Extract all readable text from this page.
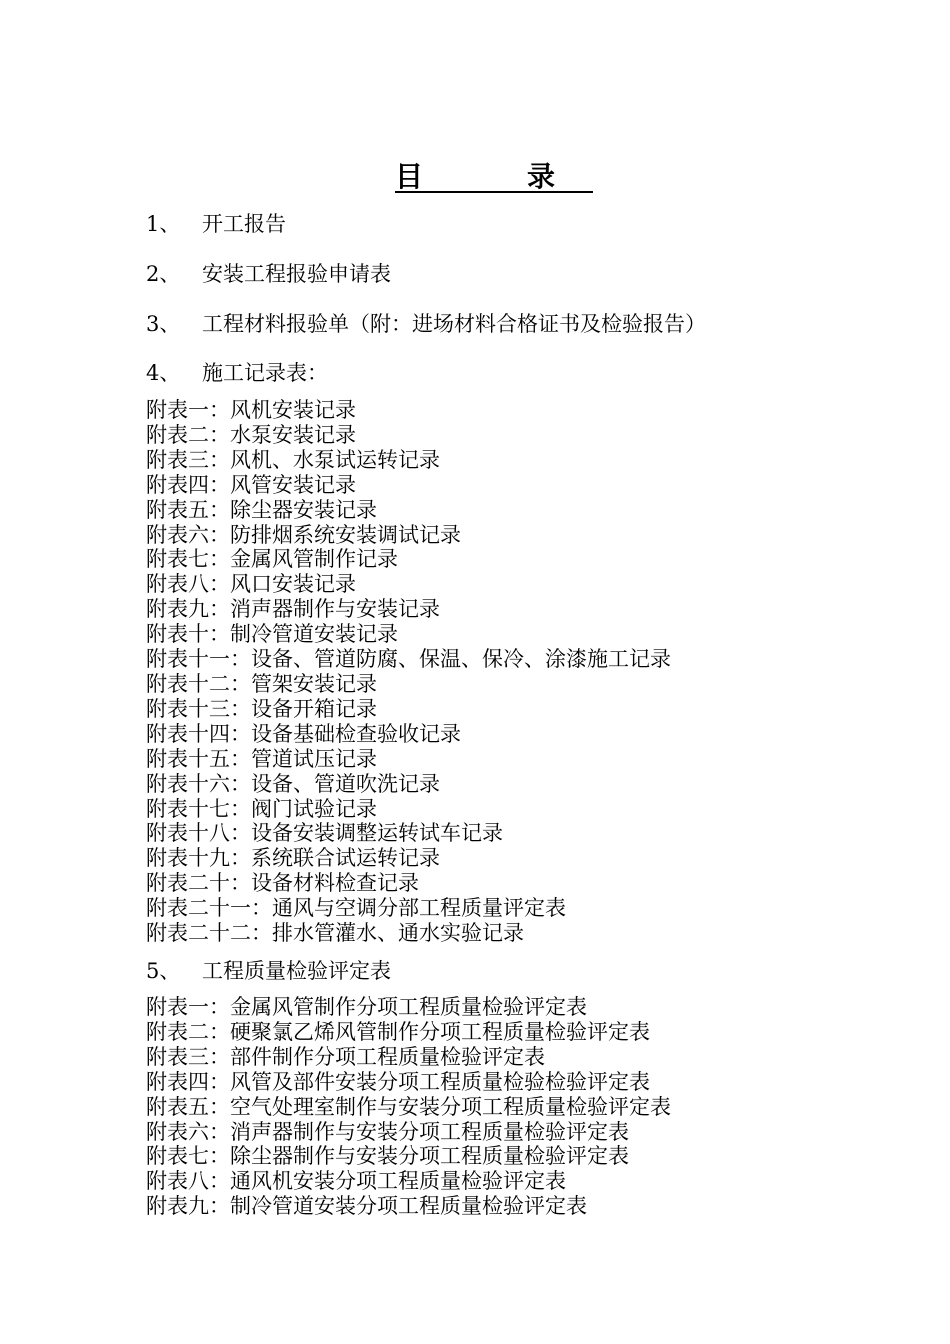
目　录
1、 开工报告
2、 安装工程报验申请表
3、 工程材料报验单（附：进场材料合格证书及检验报告）
4、 施工记录表：
附表一：风机安装记录
附表二：水泵安装记录
附表三：风机、水泵试运转记录
附表四：风管安装记录
附表五：除尘器安装记录
附表六：防排烟系统安装调试记录
附表七：金属风管制作记录
附表八：风口安装记录
附表九：消声器制作与安装记录
附表十：制冷管道安装记录
附表十一：设备、管道防腐、保温、保冷、涂漆施工记录
附表十二：管架安装记录
附表十三：设备开箱记录
附表十四：设备基础检查验收记录
附表十五：管道试压记录
附表十六：设备、管道吹洗记录
附表十七：阀门试验记录
附表十八：设备安装调整运转试车记录
附表十九：系统联合试运转记录
附表二十：设备材料检查记录
附表二十一：通风与空调分部工程质量评定表
附表二十二：排水管灌水、通水实验记录
5、 工程质量检验评定表
附表一：金属风管制作分项工程质量检验评定表
附表二：硬聚氯乙烯风管制作分项工程质量检验评定表
附表三：部件制作分项工程质量检验评定表
附表四：风管及部件安装分项工程质量检验检验评定表
附表五：空气处理室制作与安装分项工程质量检验评定表
附表六：消声器制作与安装分项工程质量检验评定表
附表七：除尘器制作与安装分项工程质量检验评定表
附表八：通风机安装分项工程质量检验评定表
附表九：制冷管道安装分项工程质量检验评定表
